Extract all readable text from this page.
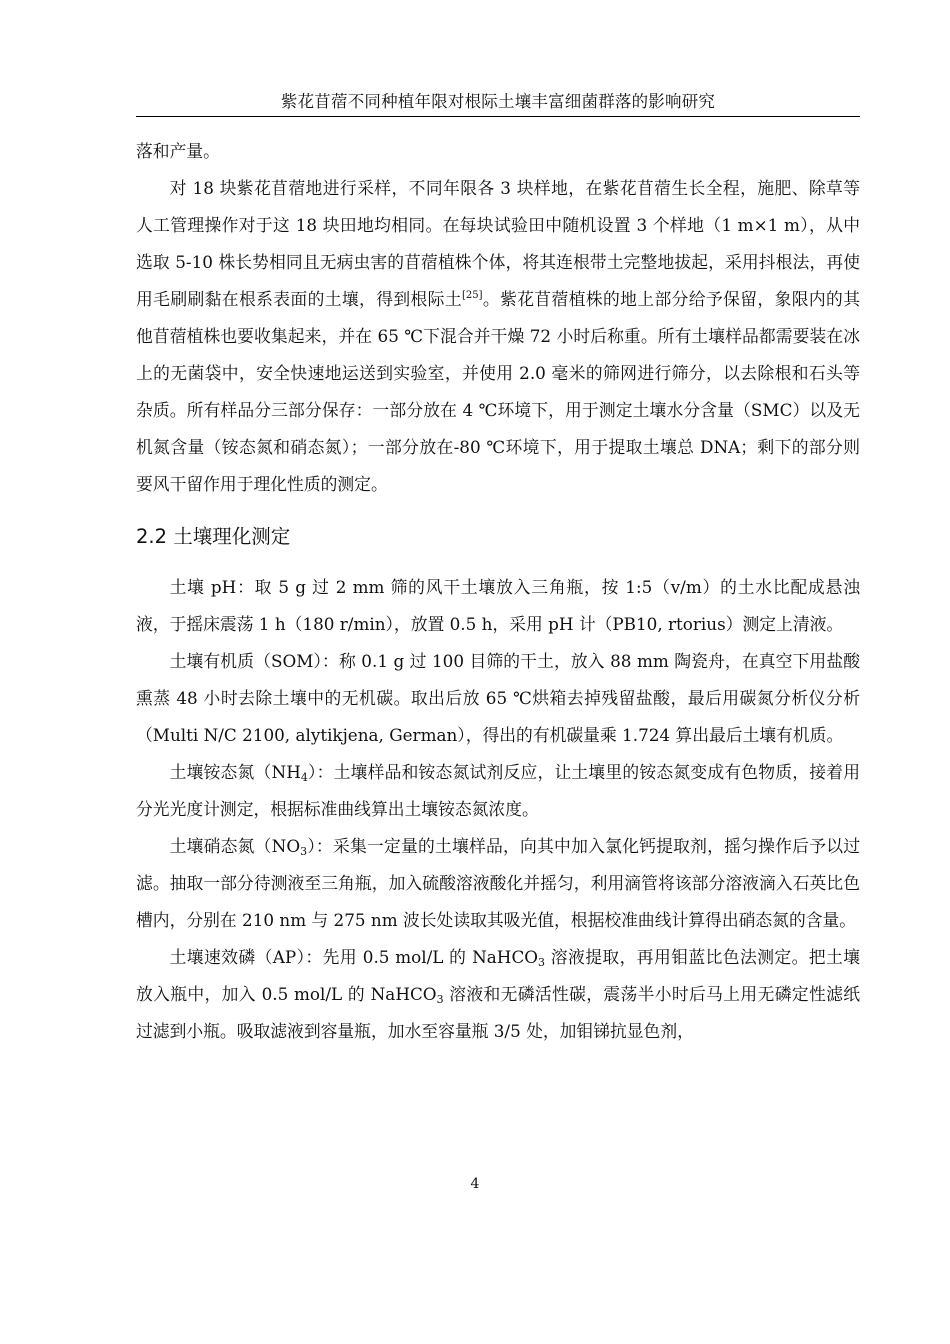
紫花苜蓿不同种植年限对根际土壤丰富细菌群落的影响研究

落和产量。

对 18 块紫花苜蓿地进行采样，不同年限各 3 块样地，在紫花苜蓿生长全程，施肥、除草等人工管理操作对于这 18 块田地均相同。在每块试验田中随机设置 3 个样地（1 m×1 m），从中选取 5-10 株长势相同且无病虫害的苜蓿植株个体，将其连根带土完整地拔起，采用抖根法，再使用毛刷刷黏在根系表面的土壤，得到根际土[25]。紫花苜蓿植株的地上部分给予保留，象限内的其他苜蓿植株也要收集起来，并在 65 ℃下混合并干燥 72 小时后称重。所有土壤样品都需要装在冰上的无菌袋中，安全快速地运送到实验室，并使用 2.0 毫米的筛网进行筛分，以去除根和石头等杂质。所有样品分三部分保存：一部分放在 4 ℃环境下，用于测定土壤水分含量（SMC）以及无机氮含量（铵态氮和硝态氮）；一部分放在-80 ℃环境下，用于提取土壤总 DNA；剩下的部分则要风干留作用于理化性质的测定。

2.2 土壤理化测定

土壤 pH：取 5 g 过 2 mm 筛的风干土壤放入三角瓶，按 1:5（v/m）的土水比配成悬浊液，于摇床震荡 1 h（180 r/min），放置 0.5 h，采用 pH 计（PB10, rtorius）测定上清液。

土壤有机质（SOM）：称 0.1 g 过 100 目筛的干土，放入 88 mm 陶瓷舟，在真空下用盐酸熏蒸 48 小时去除土壤中的无机碳。取出后放 65 ℃烘箱去掉残留盐酸，最后用碳氮分析仪分析（Multi N/C 2100, alytikjena, German），得出的有机碳量乘 1.724 算出最后土壤有机质。

土壤铵态氮$(NH_4)$：土壤样品和铵态氮试剂反应，让土壤里的铵态氮变成有色物质，接着用分光光度计测定，根据标准曲线算出土壤铵态氮浓度。

土壤硝态氮$(NO_3)$：采集一定量的土壤样品，向其中加入氯化钙提取剂，摇匀操作后予以过滤。抽取一部分待测液至三角瓶，加入硫酸溶液酸化并摇匀，利用滴管将该部分溶液滴入石英比色槽内，分别在 210 nm 与 275 nm 波长处读取其吸光值，根据校准曲线计算得出硝态氮的含量。

土壤速效磷（AP）：先用 0.5 mol/L 的 NaHCO$_3$ 溶液提取，再用钼蓝比色法测定。把土壤放入瓶中，加入 0.5 mol/L 的 NaHCO$_3$ 溶液和无磷活性碳，震荡半小时后马上用无磷定性滤纸过滤到小瓶。吸取滤液到容量瓶，加水至容量瓶 3/5 处，加钼锑抗显色剂，

4
